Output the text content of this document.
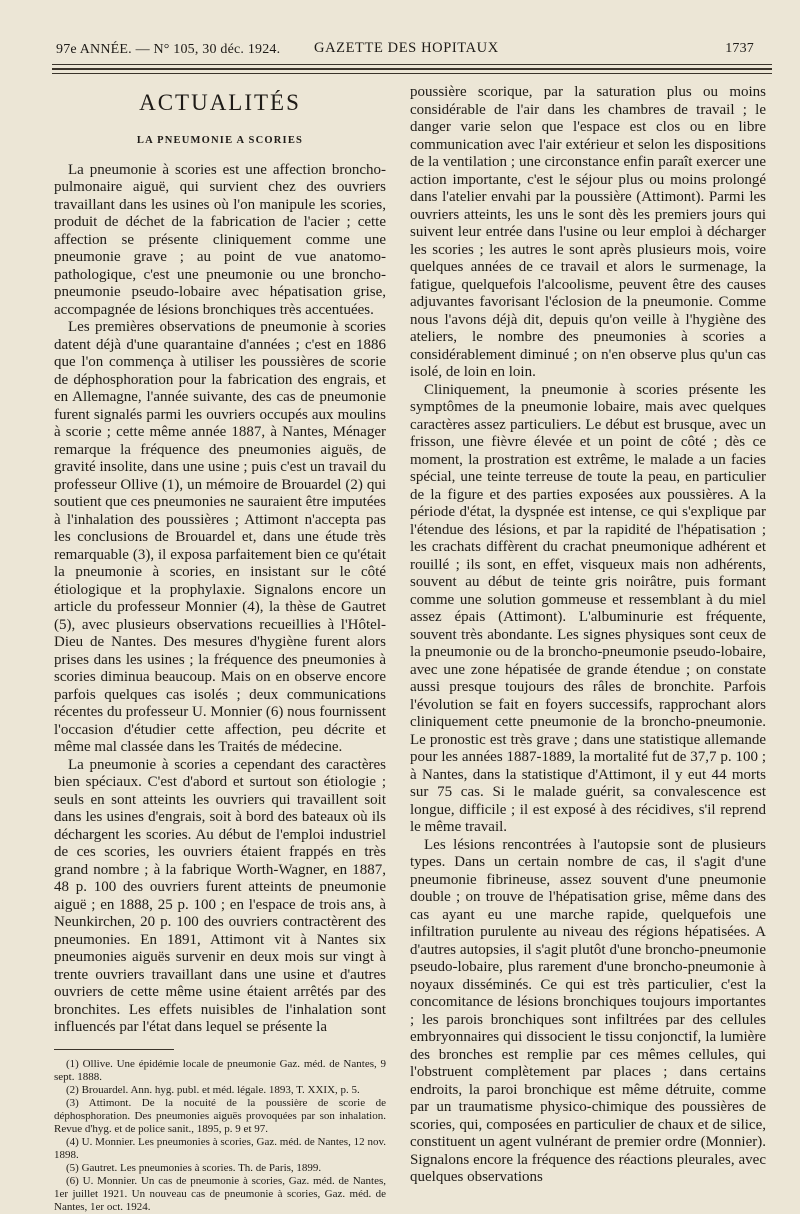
97e ANNÉE. — N° 105, 30 déc. 1924. GAZETTE DES HOPITAUX	1737
ACTUALITÉS
LA PNEUMONIE A SCORIES

La pneumonie à scories est une affection broncho-pulmonaire aiguë, qui survient chez des ouvriers travaillant dans les usines où l'on manipule les scories, produit de déchet de la fabrication de l'acier ; cette affection se présente cliniquement comme une pneumonie grave ; au point de vue anatomo-pathologique, c'est une pneumonie ou une broncho-pneumonie pseudo-lobaire avec hépatisation grise, accompagnée de lésions bronchiques très accentuées.

Les premières observations de pneumonie à scories datent déjà d'une quarantaine d'années ; c'est en 1886 que l'on commença à utiliser les poussières de scorie de déphosphoration pour la fabrication des engrais, et en Allemagne, l'année suivante, des cas de pneumonie furent signalés parmi les ouvriers occupés aux moulins à scorie ; cette même année 1887, à Nantes, Ménager remarque la fréquence des pneumonies aiguës, de gravité insolite, dans une usine ; puis c'est un travail du professeur Ollive (1), un mémoire de Brouardel (2) qui soutient que ces pneumonies ne sauraient être imputées à l'inhalation des poussières ; Attimont n'accepta pas les conclusions de Brouardel et, dans une étude très remarquable (3), il exposa parfaitement bien ce qu'était la pneumonie à scories, en insistant sur le côté étiologique et la prophylaxie. Signalons encore un article du professeur Monnier (4), la thèse de Gautret (5), avec plusieurs observations recueillies à l'Hôtel-Dieu de Nantes. Des mesures d'hygiène furent alors prises dans les usines ; la fréquence des pneumonies à scories diminua beaucoup. Mais on en observe encore parfois quelques cas isolés ; deux communications récentes du professeur U. Monnier (6) nous fournissent l'occasion d'étudier cette affection, peu décrite et même mal classée dans les Traités de médecine.

La pneumonie à scories a cependant des caractères bien spéciaux. C'est d'abord et surtout son étiologie ; seuls en sont atteints les ouvriers qui travaillent soit dans les usines d'engrais, soit à bord des bateaux où ils déchargent les scories. Au début de l'emploi industriel de ces scories, les ouvriers étaient frappés en très grand nombre ; à la fabrique Worth-Wagner, en 1887, 48 p. 100 des ouvriers furent atteints de pneumonie aiguë ; en 1888, 25 p. 100 ; en l'espace de trois ans, à Neunkirchen, 20 p. 100 des ouvriers contractèrent des pneumonies. En 1891, Attimont vit à Nantes six pneumonies aiguës survenir en deux mois sur vingt à trente ouvriers travaillant dans une usine et d'autres ouvriers de cette même usine étaient arrêtés par des bronchites. Les effets nuisibles de l'inhalation sont influencés par l'état dans lequel se présente la

(1) Ollive. Une épidémie locale de pneumonie Gaz. méd. de Nantes, 9 sept. 1888.

(2) Brouardel. Ann. hyg. publ. et méd. légale. 1893, T. XXIX, p. 5.

(3) Attimont. De la nocuité de la poussière de scorie de déphosphoration. Des pneumonies aiguës provoquées par son inhalation. Revue d'hyg. et de police sanit., 1895, p. 9 et 97.

(4) U. Monnier. Les pneumonies à scories, Gaz. méd. de Nantes, 12 nov. 1898.

(5) Gautret. Les pneumonies à scories. Th. de Paris, 1899.

(6) U. Monnier. Un cas de pneumonie à scories, Gaz. méd. de Nantes, 1er juillet 1921. Un nouveau cas de pneumonie à scories, Gaz. méd. de Nantes, 1er oct. 1924.

poussière scorique, par la saturation plus ou moins considérable de l'air dans les chambres de travail ; le danger varie selon que l'espace est clos ou en libre communication avec l'air extérieur et selon les dispositions de la ventilation ; une circonstance enfin paraît exercer une action importante, c'est le séjour plus ou moins prolongé dans l'atelier envahi par la poussière (Attimont). Parmi les ouvriers atteints, les uns le sont dès les premiers jours qui suivent leur entrée dans l'usine ou leur emploi à décharger les scories ; les autres le sont après plusieurs mois, voire quelques années de ce travail et alors le surmenage, la fatigue, quelquefois l'alcoolisme, peuvent être des causes adjuvantes favorisant l'éclosion de la pneumonie. Comme nous l'avons déjà dit, depuis qu'on veille à l'hygiène des ateliers, le nombre des pneumonies à scories a considérablement diminué ; on n'en observe plus qu'un cas isolé, de loin en loin.

Cliniquement, la pneumonie à scories présente les symptômes de la pneumonie lobaire, mais avec quelques caractères assez particuliers. Le début est brusque, avec un frisson, une fièvre élevée et un point de côté ; dès ce moment, la prostration est extrême, le malade a un facies spécial, une teinte terreuse de toute la peau, en particulier de la figure et des parties exposées aux poussières. A la période d'état, la dyspnée est intense, ce qui s'explique par l'étendue des lésions, et par la rapidité de l'hépatisation ; les crachats diffèrent du crachat pneumonique adhérent et rouillé ; ils sont, en effet, visqueux mais non adhérents, souvent au début de teinte gris noirâtre, puis formant comme une solution gommeuse et ressemblant à du miel assez épais (Attimont). L'albuminurie est fréquente, souvent très abondante. Les signes physiques sont ceux de la pneumonie ou de la broncho-pneumonie pseudo-lobaire, avec une zone hépatisée de grande étendue ; on constate aussi presque toujours des râles de bronchite. Parfois l'évolution se fait en foyers successifs, rapprochant alors cliniquement cette pneumonie de la broncho-pneumonie. Le pronostic est très grave ; dans une statistique allemande pour les années 1887-1889, la mortalité fut de 37,7 p. 100 ; à Nantes, dans la statistique d'Attimont, il y eut 44 morts sur 75 cas. Si le malade guérit, sa convalescence est longue, difficile ; il est exposé à des récidives, s'il reprend le même travail.

Les lésions rencontrées à l'autopsie sont de plusieurs types. Dans un certain nombre de cas, il s'agit d'une pneumonie fibrineuse, assez souvent d'une pneumonie double ; on trouve de l'hépatisation grise, même dans des cas ayant eu une marche rapide, quelquefois une infiltration purulente au niveau des régions hépatisées. A d'autres autopsies, il s'agit plutôt d'une broncho-pneumonie pseudo-lobaire, plus rarement d'une broncho-pneumonie à noyaux disséminés. Ce qui est très particulier, c'est la concomitance de lésions bronchiques toujours importantes ; les parois bronchiques sont infiltrées par des cellules embryonnaires qui dissocient le tissu conjonctif, la lumière des bronches est remplie par ces mêmes cellules, qui l'obstruent complètement par places ; dans certains endroits, la paroi bronchique est même détruite, comme par un traumatisme physico-chimique des poussières de scories, qui, composées en particulier de chaux et de silice, constituent un agent vulnérant de premier ordre (Monnier). Signalons encore la fréquence des réactions pleurales, avec quelques observations
